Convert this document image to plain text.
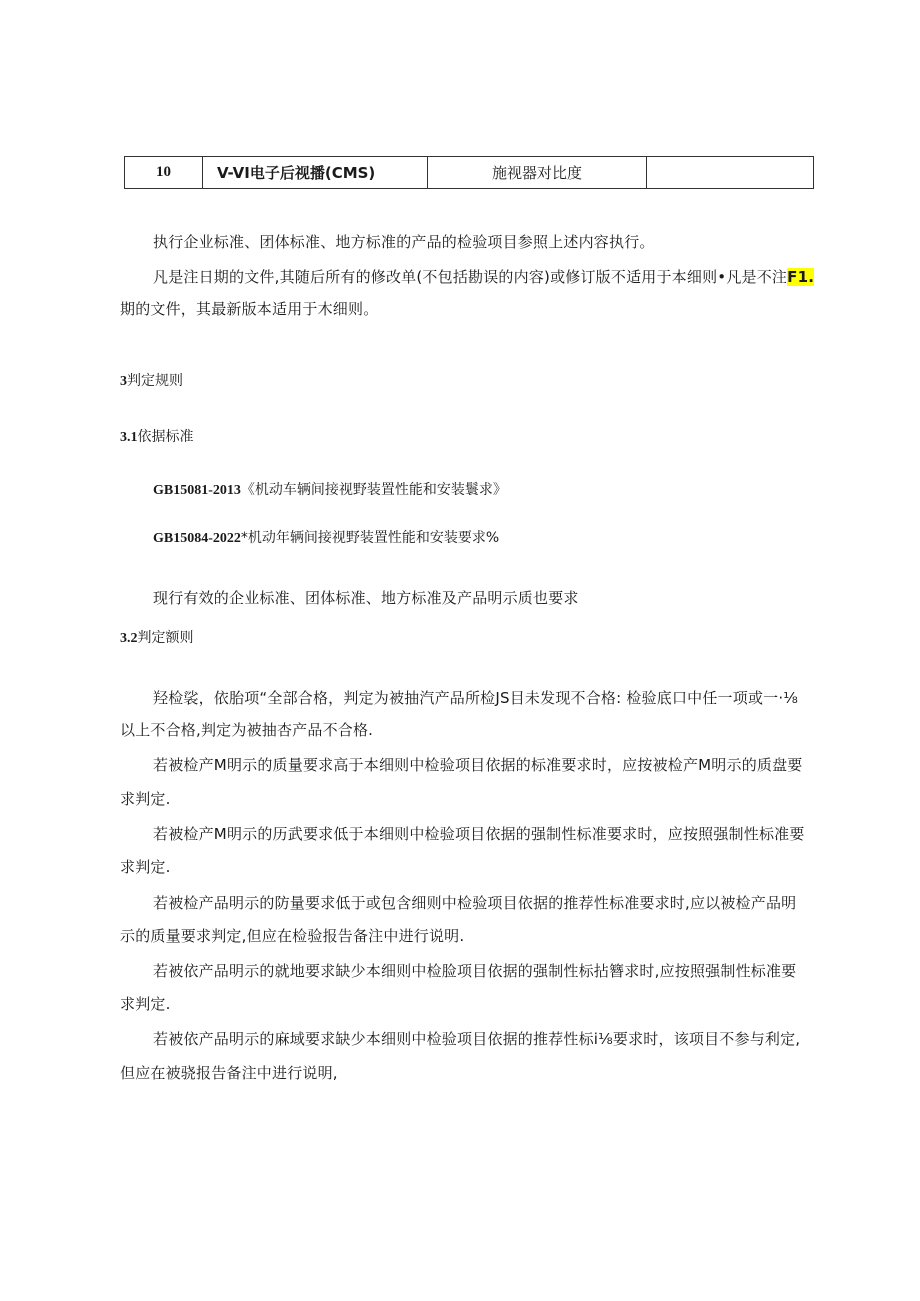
10	V-VI电子后视播(CMS)	施视器对比度	
执行企业标准、团体标准、地方标准的产品的检验项目参照上述内容执行。
凡是注日期的文件,其随后所有的修改单(不包括勘误的内容)或修订版不适用于本细则•凡是不注F1.
期的文件，其最新版本适用于木细则。
3判定规则
3.1依据标准
GB15081-2013《机动车辆间接视野装置性能和安装鬟求》
GB15084-2022*机动年辆间接视野装置性能和安装要求%
现行有效的企业标准、团体标准、地方标准及产品明示质也要求
3.2判定额则
羟检裟，依胎项“全部合格，判定为被抽汽产品所检JS目未发现不合格: 检验底口中任一项或一·⅛
以上不合格,判定为被抽杏产品不合格.
若被检产M明示的质量要求高于本细则中检验项目依据的标准要求时，应按被检产M明示的质盘要
求判定.
若被检产M明示的历武要求低于本细则中检验项目依据的强制性标准要求时，应按照强制性标准要
求判定.
若被检产品明示的防量要求低于或包含细则中检验项目依据的推荐性标准要求时,应以被检产品明
示的质量要求判定,但应在检验报告备注中进行说明.
若被依产品明示的就地要求缺少本细则中检脸项目依据的强制性标拈簪求时,应按照强制性标准要
求判定.
若被依产品明示的麻域要求缺少本细则中检验项目依据的推荐性标i⅛要求时，该项目不参与利定,
但应在被骁报告备注中进行说明,
